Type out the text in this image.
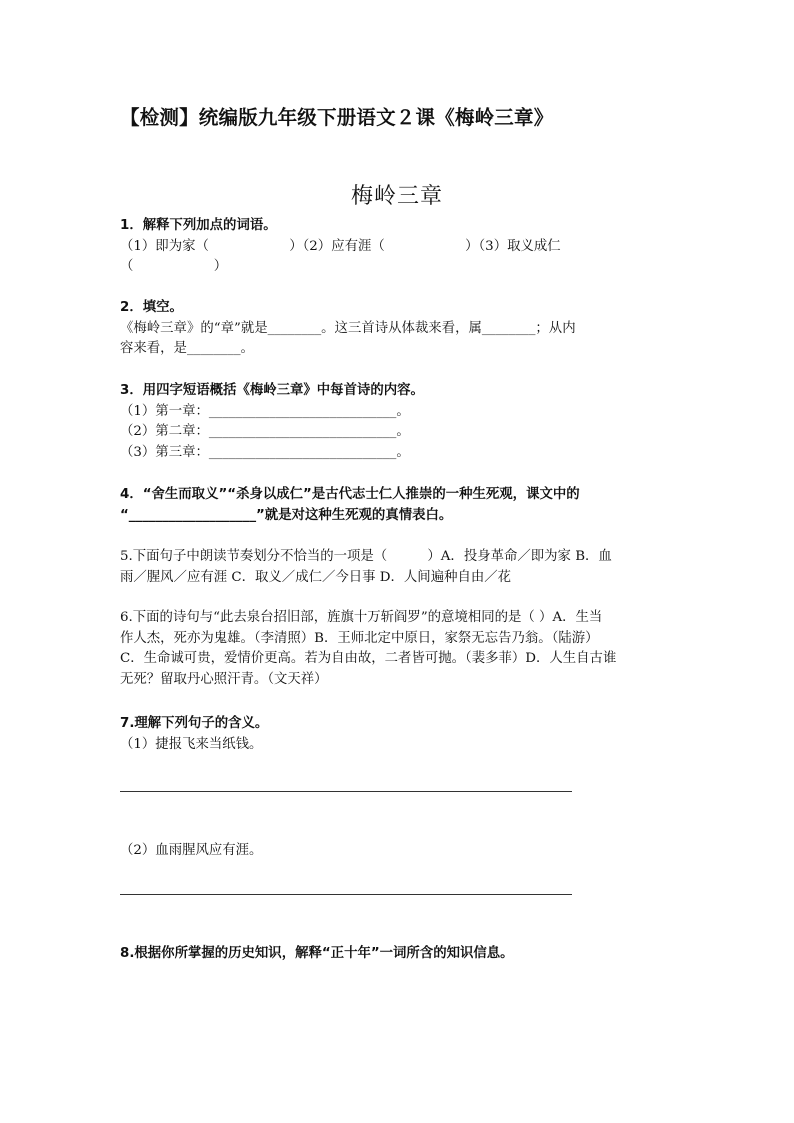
【检测】统编版九年级下册语文２课《梅岭三章》
梅岭三章
1．解释下列加点的词语。
（1）即为家（　　　　　　）（2）应有涯（　　　　　　）（3）取义成仁
（　　　　　　）
2．填空。
《梅岭三章》的“章”就是________。这三首诗从体裁来看，属________；从内
容来看，是________。
3．用四字短语概括《梅岭三章》中每首诗的内容。
（1）第一章：____________________________。
（2）第二章：____________________________。
（3）第三章：____________________________。
4．“舍生而取义”“杀身以成仁”是古代志士仁人推崇的一种生死观，课文中的
“___________________”就是对这种生死观的真情表白。
5.下面句子中朗读节奏划分不恰当的一项是（　　　）A．投身革命／即为家 B．血
雨／腥风／应有涯 C．取义／成仁／今日事 D．人间遍种自由／花
6.下面的诗句与“此去泉台招旧部，旌旗十万斩阎罗”的意境相同的是（ ）A．生当
作人杰，死亦为鬼雄。（李清照）B．王师北定中原日，家祭无忘告乃翁。（陆游）
C．生命诚可贵，爱情价更高。若为自由故，二者皆可抛。（裴多菲）D．人生自古谁
无死？留取丹心照汗青。（文天祥）
7.理解下列句子的含义。
（1）捷报飞来当纸钱。
（2）血雨腥风应有涯。
8.根据你所掌握的历史知识，解释“正十年”一词所含的知识信息。
